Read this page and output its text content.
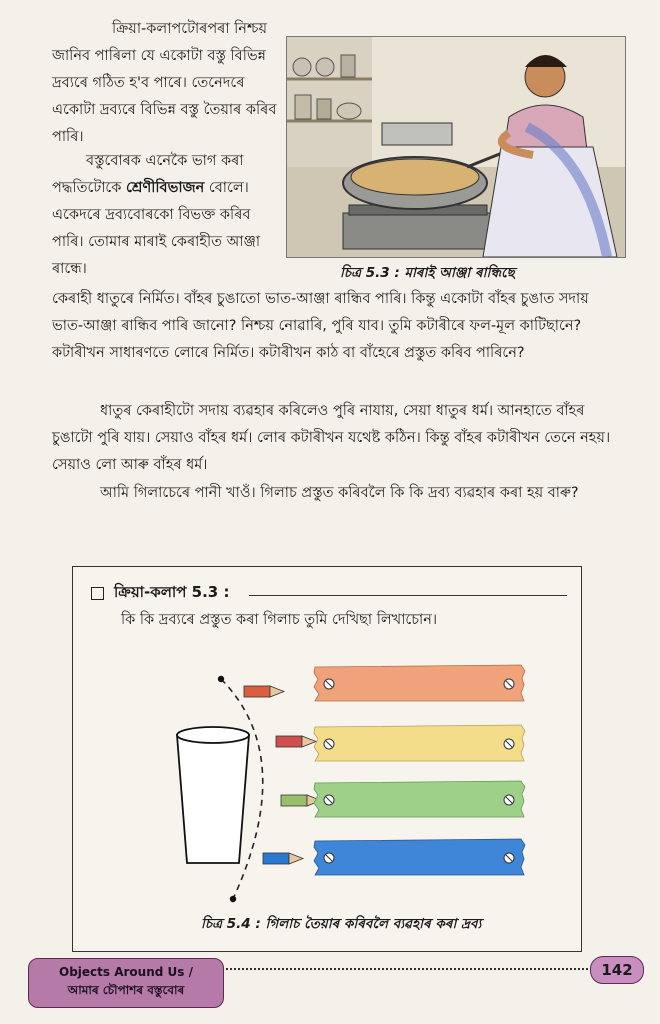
ক্ৰিয়া-কলাপটোৰপৰা নিশ্চয় জানিব পাৰিলা যে একোটা বস্তু বিভিন্ন দ্ৰব্যৰে গঠিত হ'ব পাৰে। তেনেদৰে একোটা দ্ৰব্যৰে বিভিন্ন বস্তু তৈয়াৰ কৰিব পাৰি।

বস্তুবোৰক এনেকৈ ভাগ কৰা পদ্ধতিটোকে শ্ৰেণীবিভাজন বোলে। একেদৰে দ্ৰব্যবোৰকো বিভক্ত কৰিব পাৰি। তোমাৰ মাৰাই কেৰাহীত আঞ্জা ৰান্ধে।	চিত্ৰ 5.3 : মাৰাই আঞ্জা ৰান্ধিছে

কেৰাহী ধাতুৰে নিৰ্মিত। বাঁহৰ চুঙাতো ভাত-আঞ্জা ৰান্ধিব পাৰি। কিন্তু একোটা বাঁহৰ চুঙাত সদায় ভাত-আঞ্জা ৰান্ধিব পাৰি জানো? নিশ্চয় নোৱাৰি, পুৰি যাব। তুমি কটাৰীৰে ফল-মূল কাটিছানে? কটাৰীখন সাধাৰণতে লোৰে নিৰ্মিত। কটাৰীখন কাঠ বা বাঁহেৰে প্ৰস্তুত কৰিব পাৰিনে?

ধাতুৰ কেৰাহীটো সদায় ব্যৱহাৰ কৰিলেও পুৰি নাযায়, সেয়া ধাতুৰ ধৰ্ম। আনহাতে বাঁহৰ চুঙাটো পুৰি যায়। সেয়াও বাঁহৰ ধৰ্ম। লোৰ কটাৰীখন যথেষ্ট কঠিন। কিন্তু বাঁহৰ কটাৰীখন তেনে নহয়। সেয়াও লো আৰু বাঁহৰ ধৰ্ম।

আমি গিলাচেৰে পানী খাওঁ। গিলাচ প্ৰস্তুত কৰিবলৈ কি কি দ্ৰব্য ব্যৱহাৰ কৰা হয় বাৰু?

ক্ৰিয়া-কলাপ 5.3 :
কি কি দ্ৰব্যৰে প্ৰস্তুত কৰা গিলাচ তুমি দেখিছা লিখাচোন।
চিত্ৰ 5.4 : গিলাচ তৈয়াৰ কৰিবলৈ ব্যৱহাৰ কৰা দ্ৰব্য
Objects Around Us /
আমাৰ চৌপাশৰ বস্তুবোৰ
142
